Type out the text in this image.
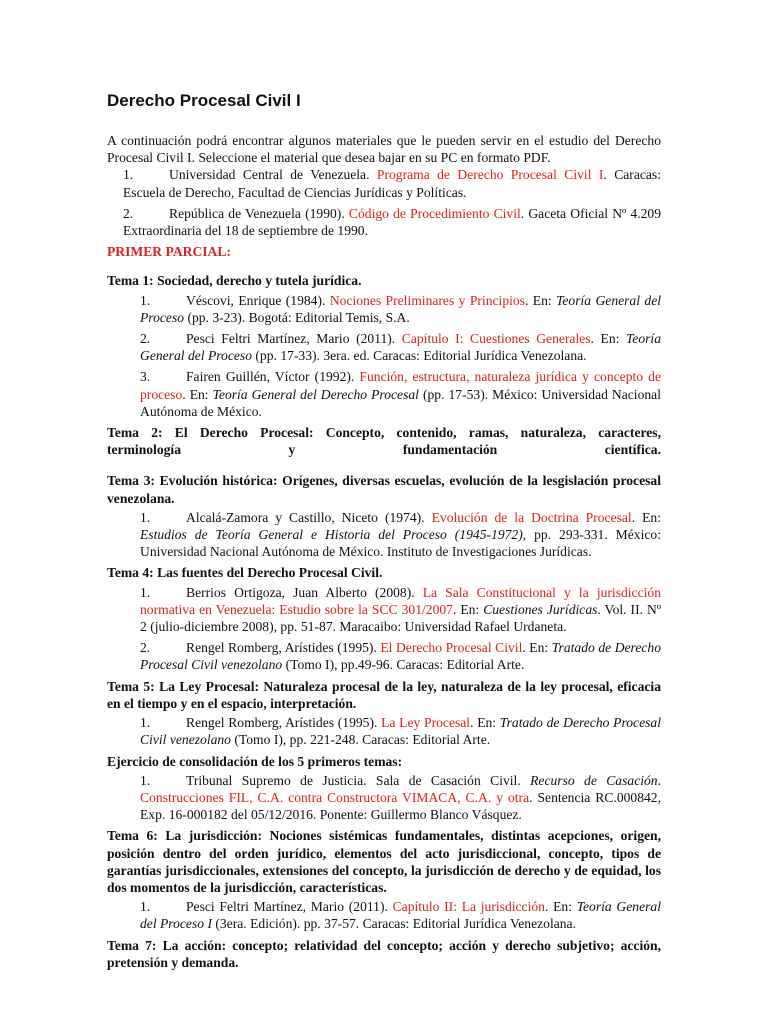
Derecho Procesal Civil I

A continuación podrá encontrar algunos materiales que le pueden servir en el estudio del Derecho Procesal Civil I. Seleccione el material que desea bajar en su PC en formato PDF.

1.	Universidad Central de Venezuela. Programa de Derecho Procesal Civil I. Caracas: Escuela de Derecho, Facultad de Ciencias Jurídicas y Políticas.

2.	República de Venezuela (1990). Código de Procedimiento Civil. Gaceta Oficial Nº 4.209 Extraordinaria del 18 de septiembre de 1990.

PRIMER PARCIAL:

Tema 1: Sociedad, derecho y tutela jurídica.

1.	Véscovi, Enrique (1984). Nociones Preliminares y Principios. En: Teoría General del Proceso (pp. 3-23). Bogotá: Editorial Temis, S.A.

2.	Pesci Feltri Martínez, Mario (2011). Capítulo I: Cuestiones Generales. En: Teoría General del Proceso (pp. 17-33). 3era. ed. Caracas: Editorial Jurídica Venezolana.

3.	Fairen Guillén, Víctor (1992). Función, estructura, naturaleza jurídica y concepto de proceso. En: Teoría General del Derecho Procesal (pp. 17-53). México: Universidad Nacional Autónoma de México.

Tema 2: El Derecho Procesal: Concepto, contenido, ramas, naturaleza, caracteres,
terminología y fundamentación científica.

Tema 3: Evolución histórica: Orígenes, diversas escuelas, evolución de la lesgislación procesal venezolana.

1.	Alcalá-Zamora y Castillo, Niceto (1974). Evolución de la Doctrina Procesal. En: Estudios de Teoría General e Historia del Proceso (1945-1972), pp. 293-331. México: Universidad Nacional Autónoma de México. Instituto de Investigaciones Jurídicas.

Tema 4: Las fuentes del Derecho Procesal Civil.

1.	Berrios Ortigoza, Juan Alberto (2008). La Sala Constitucional y la jurisdicción normativa en Venezuela: Estudio sobre la SCC 301/2007. En: Cuestiones Jurídicas. Vol. II. Nº 2 (julio-diciembre 2008), pp. 51-87. Maracaibo: Universidad Rafael Urdaneta.

2.	Rengel Romberg, Arístides (1995). El Derecho Procesal Civil. En: Tratado de Derecho Procesal Civil venezolano (Tomo I), pp.49-96. Caracas: Editorial Arte.

Tema 5: La Ley Procesal: Naturaleza procesal de la ley, naturaleza de la ley procesal, eficacia en el tiempo y en el espacio, interpretación.

1.	Rengel Romberg, Arístides (1995). La Ley Procesal. En: Tratado de Derecho Procesal Civil venezolano (Tomo I), pp. 221-248. Caracas: Editorial Arte.

Ejercicio de consolidación de los 5 primeros temas:

1.	Tribunal Supremo de Justicia. Sala de Casación Civil. Recurso de Casación. Construcciones FIL, C.A. contra Constructora VIMACA, C.A. y otra. Sentencia RC.000842, Exp. 16-000182 del 05/12/2016. Ponente: Guillermo Blanco Vásquez.

Tema 6: La jurisdicción: Nociones sistémicas fundamentales, distintas acepciones, origen, posición dentro del orden jurídico, elementos del acto jurisdiccional, concepto, tipos de garantías jurisdiccionales, extensiones del concepto, la jurisdicción de derecho y de equidad, los dos momentos de la jurisdicción, características.

1.	Pesci Feltri Martínez, Mario (2011). Capítulo II: La jurisdicción. En: Teoría General del Proceso I (3era. Edición). pp. 37-57. Caracas: Editorial Jurídica Venezolana.

Tema 7: La acción: concepto; relatividad del concepto; acción y derecho subjetivo; acción, pretensión y demanda.
